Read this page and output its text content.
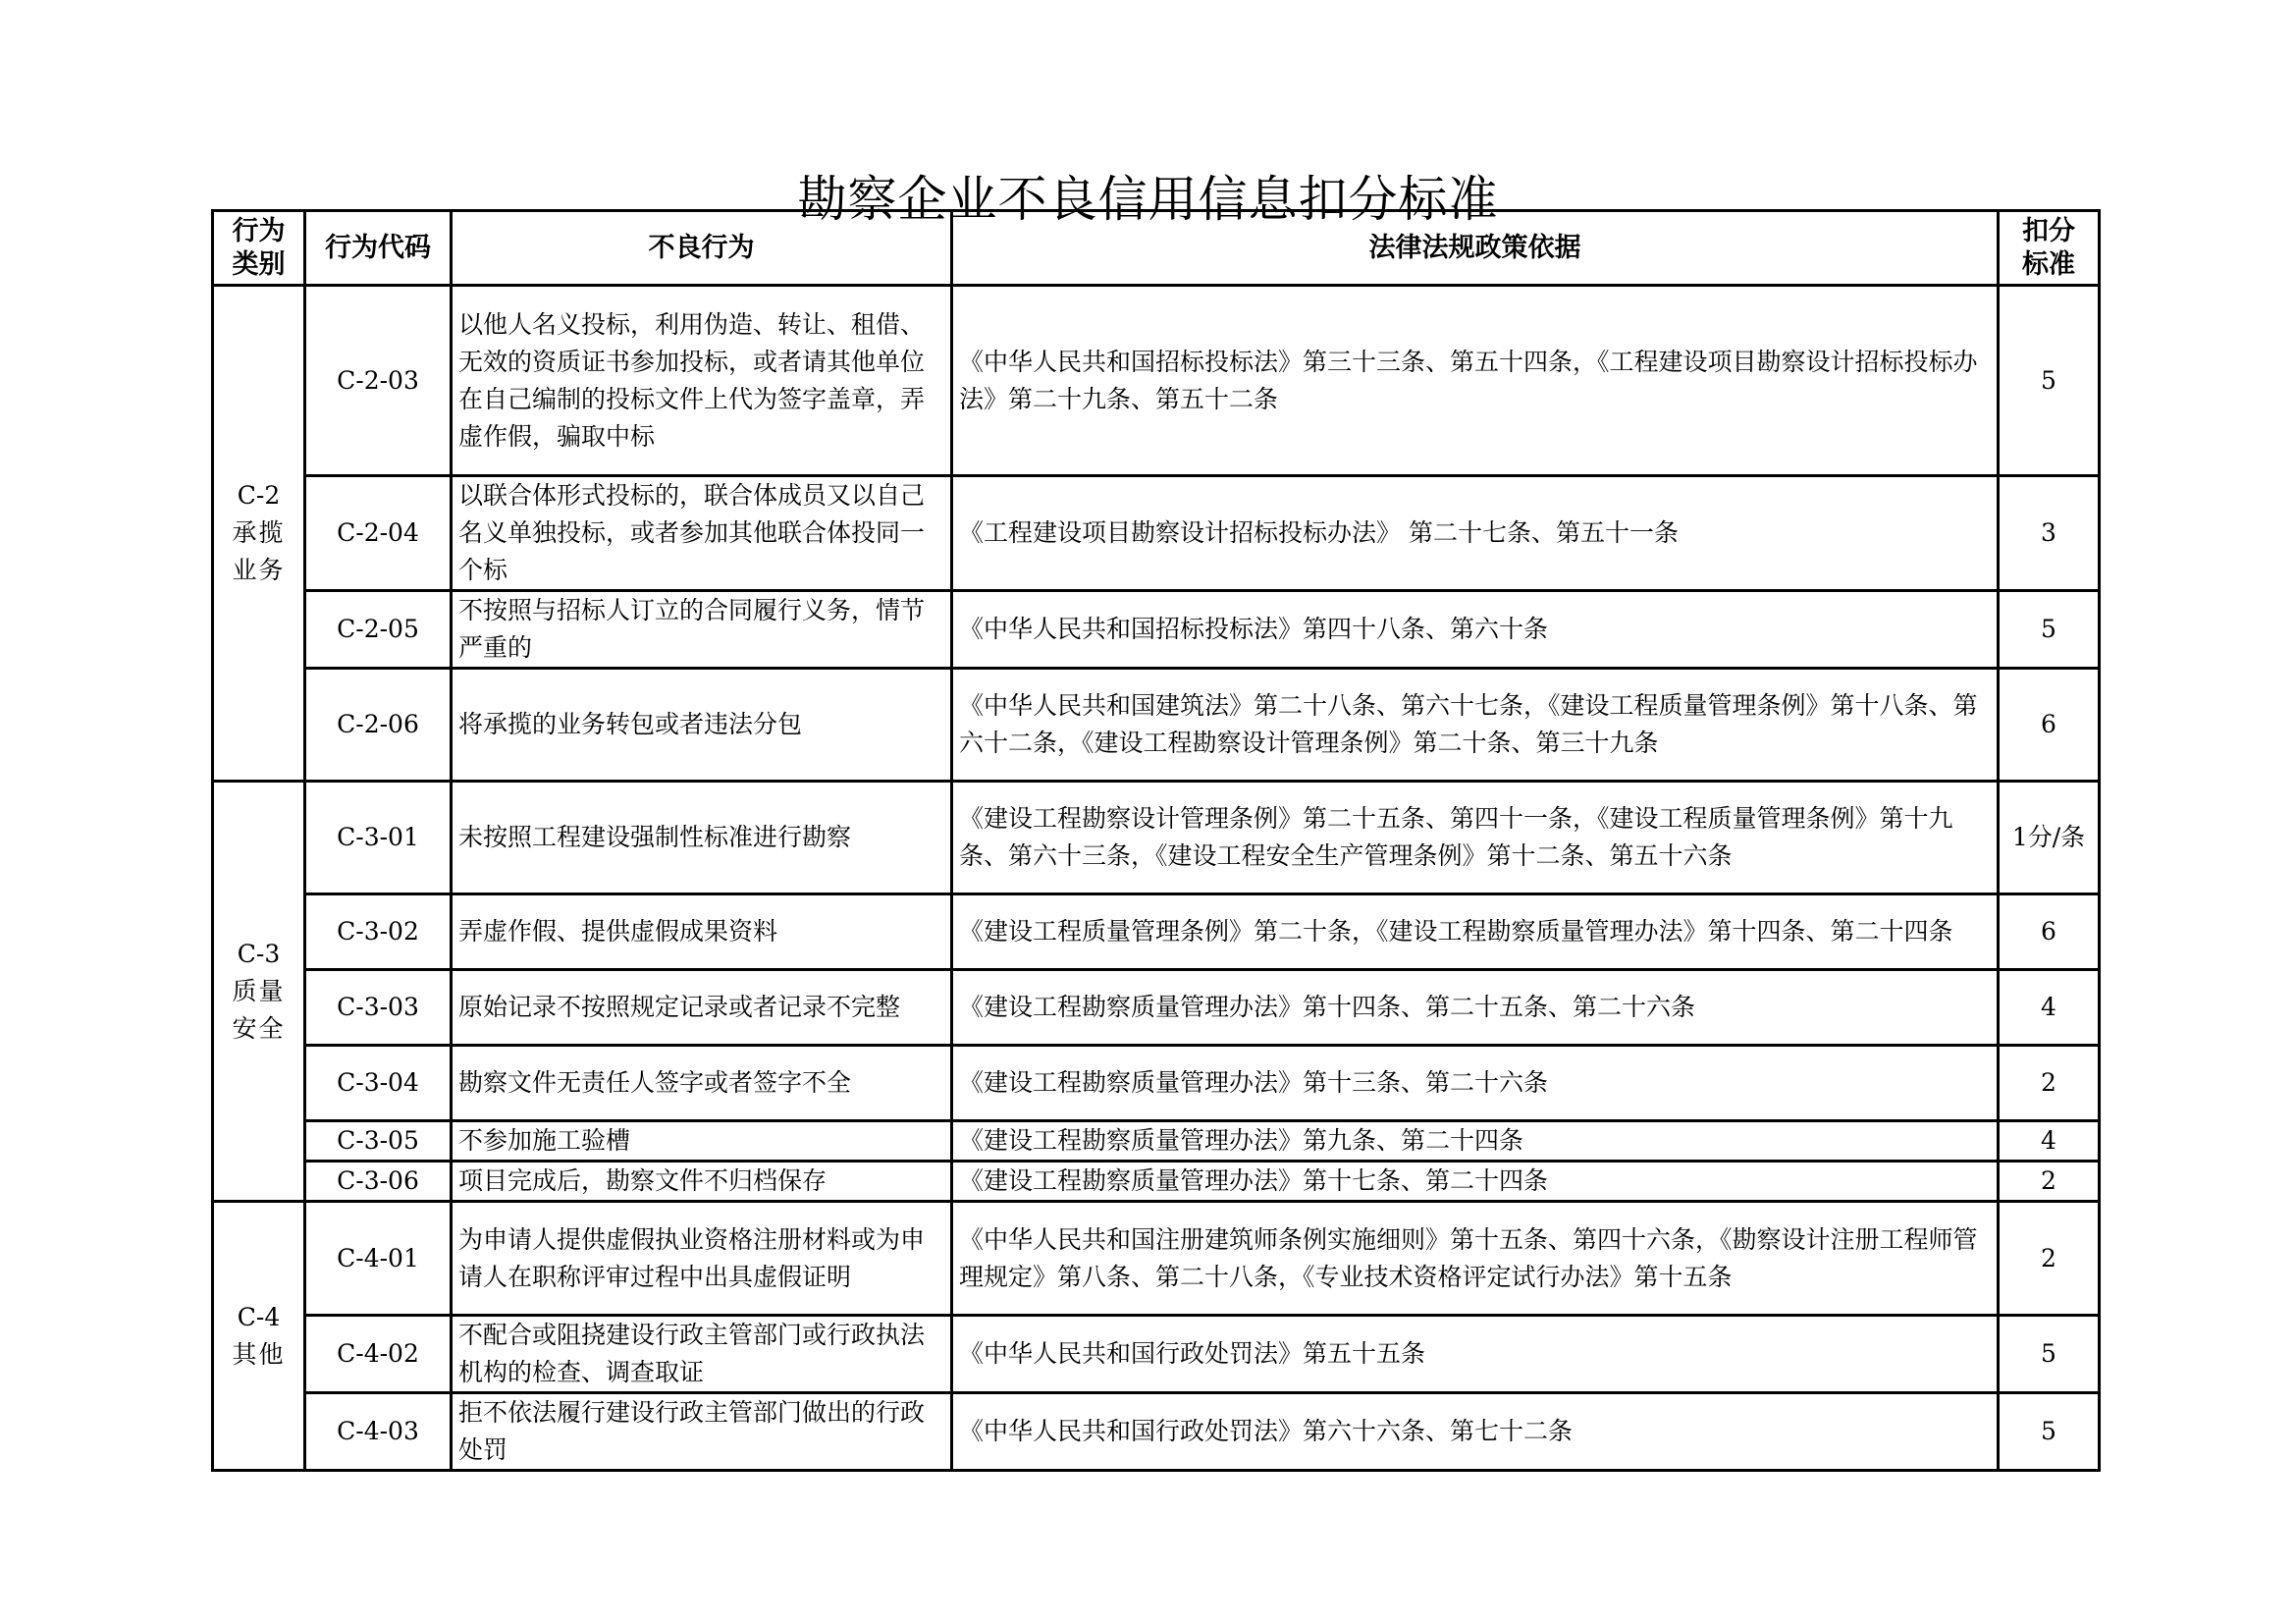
勘察企业不良信用信息扣分标准
行为
类别	行为代码	不良行为	法律法规政策依据	扣分
标准

C-2
承揽
业务	C-2-03	以他人名义投标，利用伪造、转让、租借、无效的资质证书参加投标，或者请其他单位在自己编制的投标文件上代为签字盖章，弄虚作假，骗取中标	《中华人民共和国招标投标法》第三十三条、第五十四条，《工程建设项目勘察设计招标投标办法》第二十九条、第五十二条	5
	C-2-04	以联合体形式投标的，联合体成员又以自己名义单独投标，或者参加其他联合体投同一个标	《工程建设项目勘察设计招标投标办法》 第二十七条、第五十一条	3
	C-2-05	不按照与招标人订立的合同履行义务，情节严重的	《中华人民共和国招标投标法》第四十八条、第六十条	5
	C-2-06	将承揽的业务转包或者违法分包	《中华人民共和国建筑法》第二十八条、第六十七条，《建设工程质量管理条例》第十八条、第六十二条，《建设工程勘察设计管理条例》第二十条、第三十九条	6

C-3
质量
安全	C-3-01	未按照工程建设强制性标准进行勘察	《建设工程勘察设计管理条例》第二十五条、第四十一条，《建设工程质量管理条例》第十九条、第六十三条，《建设工程安全生产管理条例》第十二条、第五十六条	1分/条
	C-3-02	弄虚作假、提供虚假成果资料	《建设工程质量管理条例》第二十条，《建设工程勘察质量管理办法》第十四条、第二十四条	6
	C-3-03	原始记录不按照规定记录或者记录不完整	《建设工程勘察质量管理办法》第十四条、第二十五条、第二十六条	4
	C-3-04	勘察文件无责任人签字或者签字不全	《建设工程勘察质量管理办法》第十三条、第二十六条	2
	C-3-05	不参加施工验槽	《建设工程勘察质量管理办法》第九条、第二十四条	4
	C-3-06	项目完成后，勘察文件不归档保存	《建设工程勘察质量管理办法》第十七条、第二十四条	2

C-4
其他	C-4-01	为申请人提供虚假执业资格注册材料或为申请人在职称评审过程中出具虚假证明	《中华人民共和国注册建筑师条例实施细则》第十五条、第四十六条，《勘察设计注册工程师管理规定》第八条、第二十八条，《专业技术资格评定试行办法》第十五条	2
	C-4-02	不配合或阻挠建设行政主管部门或行政执法机构的检查、调查取证	《中华人民共和国行政处罚法》第五十五条	5
	C-4-03	拒不依法履行建设行政主管部门做出的行政处罚	《中华人民共和国行政处罚法》第六十六条、第七十二条	5
